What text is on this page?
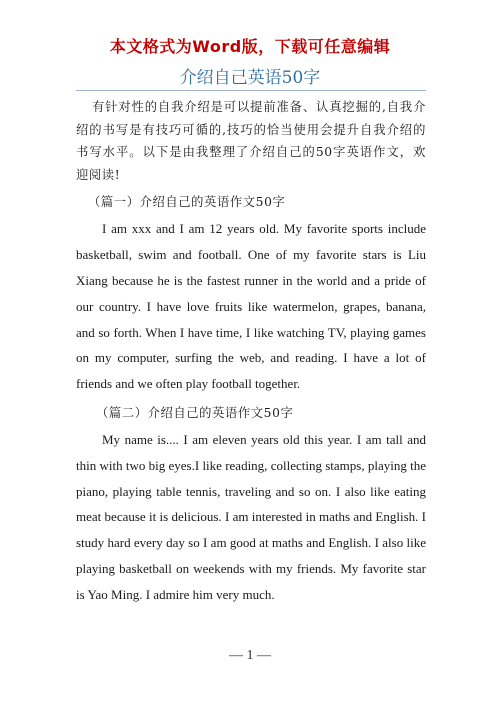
本文格式为Word版，下载可任意编辑
介绍自己英语50字

有针对性的自我介绍是可以提前准备、认真挖掘的,自我介绍的书写是有技巧可循的,技巧的恰当使用会提升自我介绍的书写水平。以下是由我整理了介绍自己的50字英语作文，欢迎阅读!

（篇一）介绍自己的英语作文50字

I am xxx and I am 12 years old. My favorite sports include basketball, swim and football. One of my favorite stars is Liu Xiang because he is the fastest runner in the world and a pride of our country. I have love fruits like watermelon, grapes, banana, and so forth. When I have time, I like watching TV, playing games on my computer, surfing the web, and reading. I have a lot of friends and we often play football together.

（篇二）介绍自己的英语作文50字

My name is.... I am eleven years old this year. I am tall and thin with two big eyes.I like reading, collecting stamps, playing the piano, playing table tennis, traveling and so on. I also like eating meat because it is delicious. I am interested in maths and English. I study hard every day so I am good at maths and English. I also like playing basketball on weekends with my friends. My favorite star is Yao Ming. I admire him very much.

— 1 —
